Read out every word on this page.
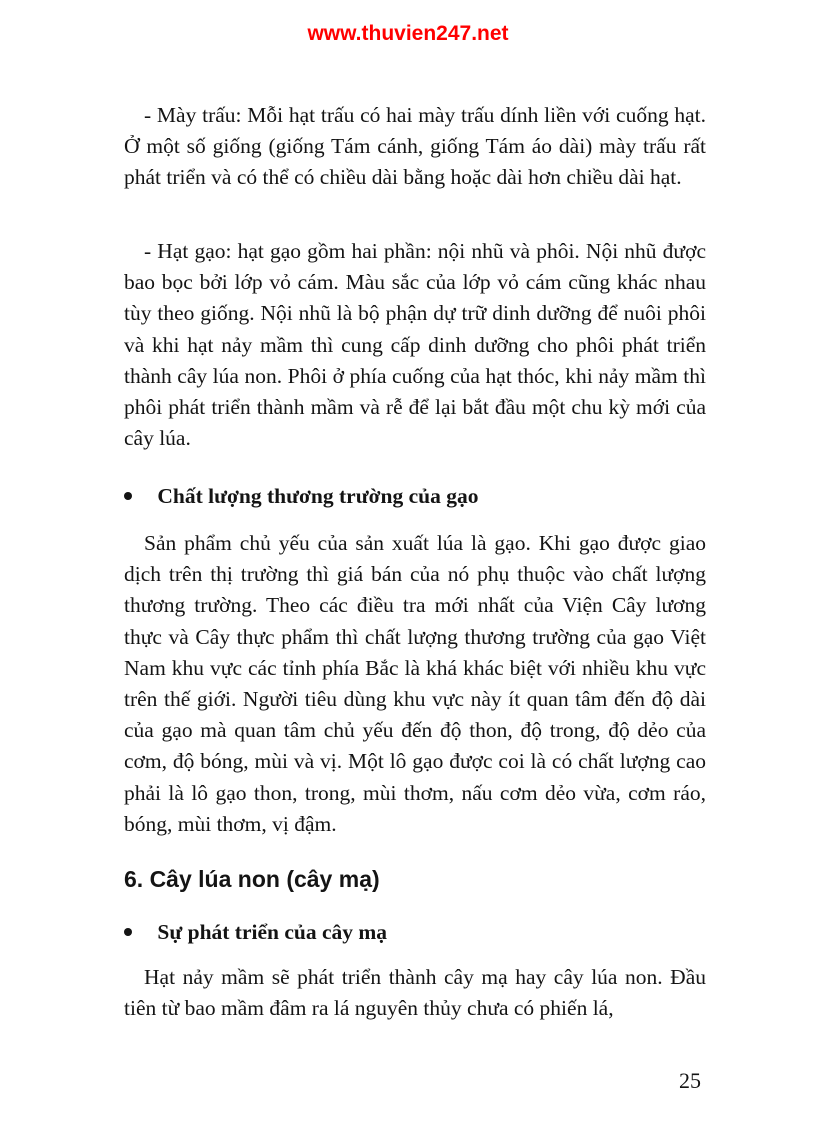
www.thuvien247.net

- Mày trấu: Mỗi hạt trấu có hai mày trấu dính liền với cuống hạt. Ở một số giống (giống Tám cánh, giống Tám áo dài) mày trấu rất phát triển và có thể có chiều dài bằng hoặc dài hơn chiều dài hạt.

- Hạt gạo: hạt gạo gồm hai phần: nội nhũ và phôi. Nội nhũ được bao bọc bởi lớp vỏ cám. Màu sắc của lớp vỏ cám cũng khác nhau tùy theo giống. Nội nhũ là bộ phận dự trữ dinh dưỡng để nuôi phôi và khi hạt nảy mầm thì cung cấp dinh dưỡng cho phôi phát triển thành cây lúa non. Phôi ở phía cuống của hạt thóc, khi nảy mầm thì phôi phát triển thành mầm và rễ để lại bắt đầu một chu kỳ mới của cây lúa.

Chất lượng thương trường của gạo

Sản phẩm chủ yếu của sản xuất lúa là gạo. Khi gạo được giao dịch trên thị trường thì giá bán của nó phụ thuộc vào chất lượng thương trường. Theo các điều tra mới nhất của Viện Cây lương thực và Cây thực phẩm thì chất lượng thương trường của gạo Việt Nam khu vực các tỉnh phía Bắc là khá khác biệt với nhiều khu vực trên thế giới. Người tiêu dùng khu vực này ít quan tâm đến độ dài của gạo mà quan tâm chủ yếu đến độ thon, độ trong, độ dẻo của cơm, độ bóng, mùi và vị. Một lô gạo được coi là có chất lượng cao phải là lô gạo thon, trong, mùi thơm, nấu cơm dẻo vừa, cơm ráo, bóng, mùi thơm, vị đậm.

6. Cây lúa non (cây mạ)
Sự phát triển của cây mạ

Hạt nảy mầm sẽ phát triển thành cây mạ hay cây lúa non. Đầu tiên từ bao mầm đâm ra lá nguyên thủy chưa có phiến lá,

25
